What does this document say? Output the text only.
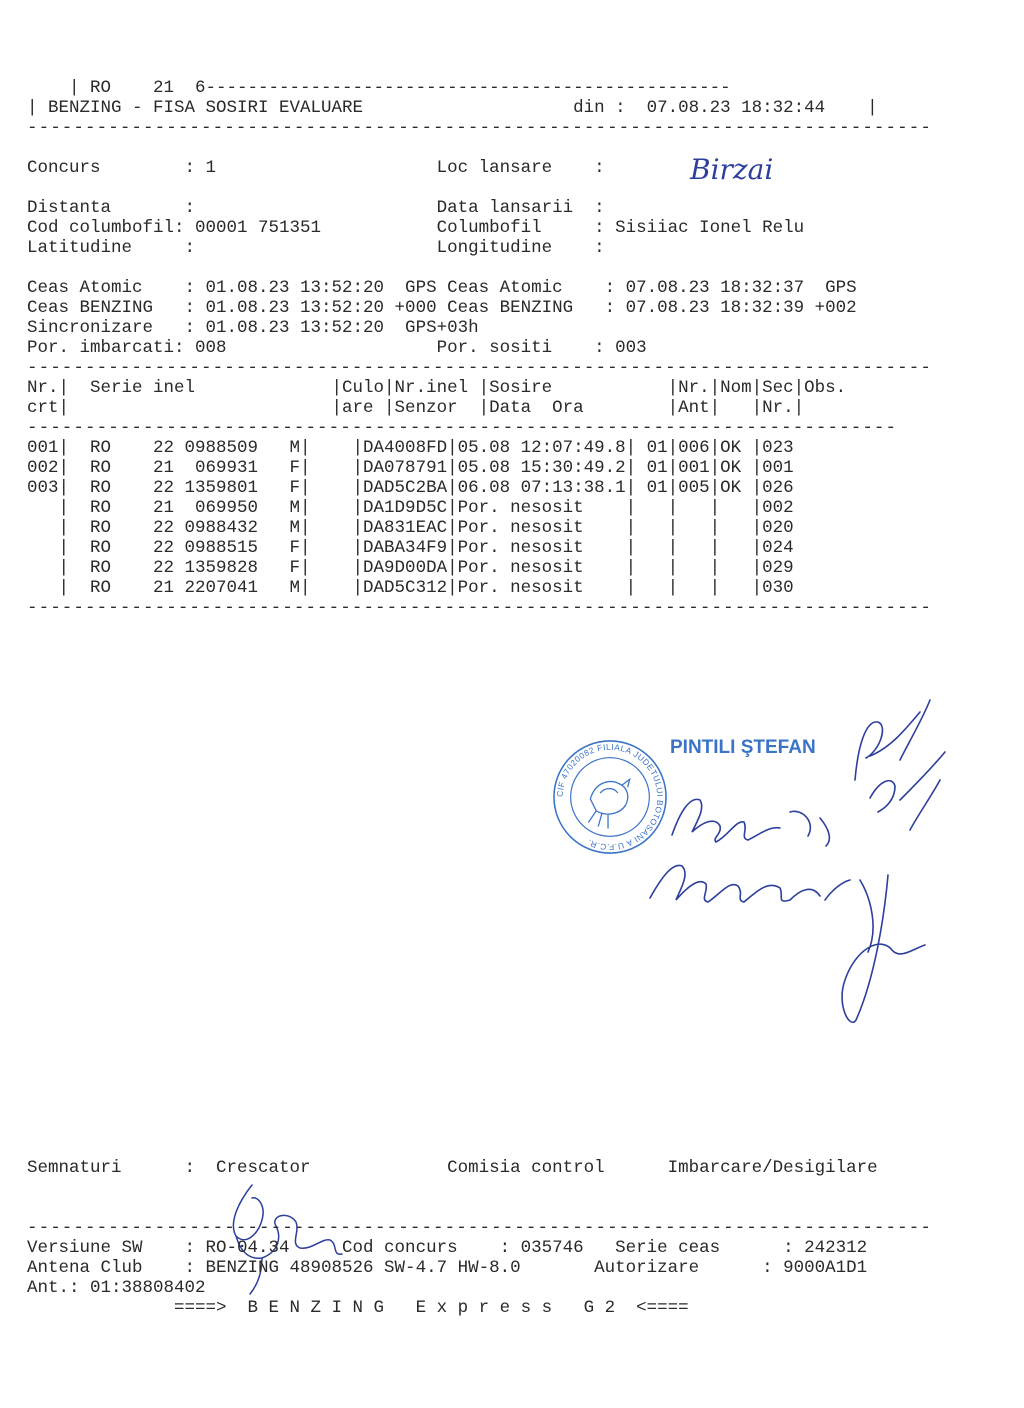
| RO    21  6--------------------------------------------------
| BENZING - FISA SOSIRI EVALUARE                    din :  07.08.23 18:32:44    |
------------------------------------------------------------------------------
Concurs        : 1                     Loc lansare    :	Birzai
Distanta       :                       Data lansarii  :
Cod columbofil: 00001 751351           Columbofil     : Sisiiac Ionel Relu
Latitudine     :                       Longitudine    :
Ceas Atomic    : 01.08.23 13:52:20  GPS Ceas Atomic    : 07.08.23 18:32:37  GPS
Ceas BENZING   : 01.08.23 13:52:20 +000 Ceas BENZING   : 07.08.23 18:32:39 +002
Sincronizare   : 01.08.23 13:52:20  GPS+03h
Por. imbarcati: 008                    Por. sositi    : 003
------------------------------------------------------------------------------
Nr.|  Serie inel             |Culo|Nr.inel |Sosire           |Nr.|Nom|Sec|Obs.
crt|                         |are |Senzor  |Data  Ora        |Ant|   |Nr.|
---------------------------------------------------------------------------
001|  RO    22 0988509   M|    |DA4008FD|05.08 12:07:49.8| 01|006|OK |023
002|  RO    21  069931   F|    |DA078791|05.08 15:30:49.2| 01|001|OK |001
003|  RO    22 1359801   F|    |DAD5C2BA|06.08 07:13:38.1| 01|005|OK |026
|  RO    21  069950   M|    |DA1D9D5C|Por. nesosit    |   |   |   |002
|  RO    22 0988432   M|    |DA831EAC|Por. nesosit    |   |   |   |020
|  RO    22 0988515   F|    |DABA34F9|Por. nesosit    |   |   |   |024
|  RO    22 1359828   F|    |DA9D00DA|Por. nesosit    |   |   |   |029
|  RO    21 2207041   M|    |DAD5C312|Por. nesosit    |   |   |   |030
------------------------------------------------------------------------------
CIF 47020082 FILIALA JUDETULUI BOTOSANI A U.F.C.R.
PINTILI ŞTEFAN
Semnaturi      :  Crescator             Comisia control      Imbarcare/Desigilare
------------------------------------------------------------------------------
Versiune SW    : RO-04.34     Cod concurs    : 035746   Serie ceas      : 242312
Antena Club    : BENZING 48908526 SW-4.7 HW-8.0       Autorizare      : 9000A1D1
Ant.: 01:38808402
====>  B E N Z I N G   E x p r e s s   G 2  <====
